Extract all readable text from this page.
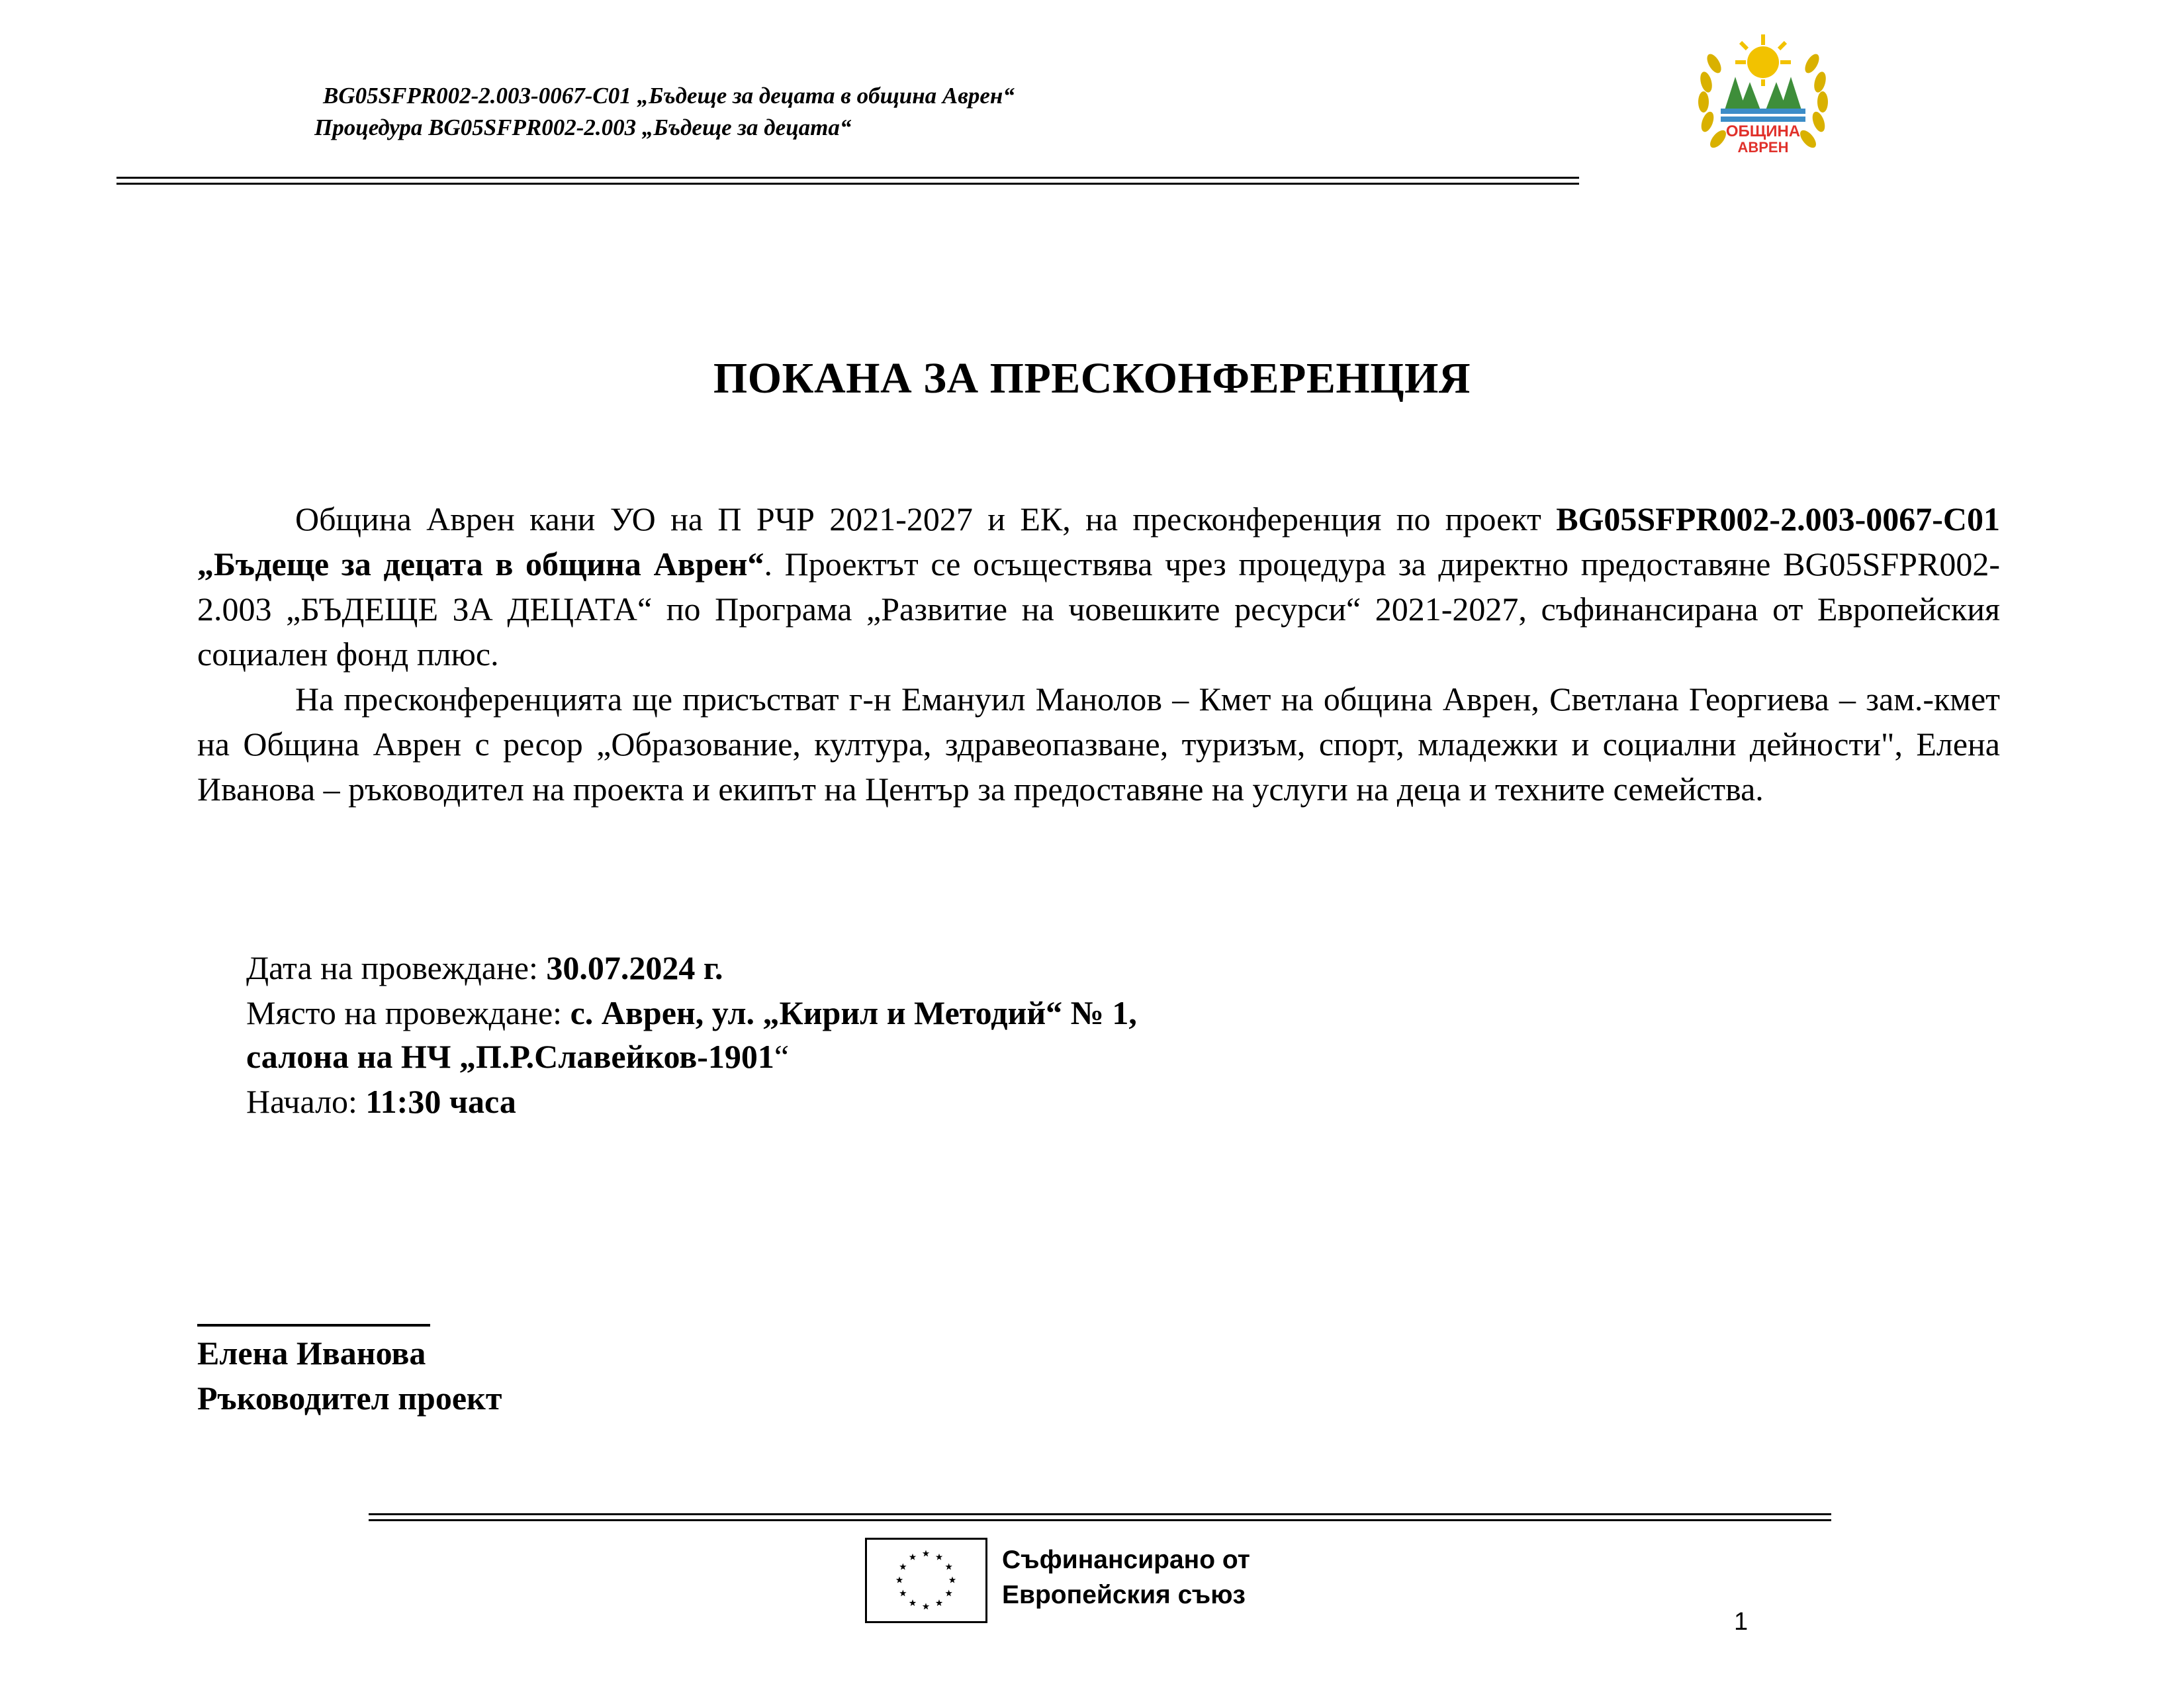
BG05SFPR002-2.003-0067-C01 „Бъдеще за децата в община Аврен“
Процедура BG05SFPR002-2.003 „Бъдеще за децата“	ОБЩИНА
АВРЕН
ПОКАНА ЗА ПРЕСКОНФЕРЕНЦИЯ

Община Аврен кани УО на П РЧР 2021-2027 и ЕК, на пресконференция по проект BG05SFPR002-2.003-0067-C01 „Бъдеще за децата в община Аврен“. Проектът се осъществява чрез процедура за директно предоставяне BG05SFPR002-2.003 „БЪДЕЩЕ ЗА ДЕЦАТА“ по Програма „Развитие на човешките ресурси“ 2021-2027, съфинансирана от Европейския социален фонд плюс.

На пресконференцията ще присъстват г-н Емануил Манолов – Кмет на община Аврен, Светлана Георгиева – зам.-кмет на Община Аврен с ресор „Образование, култура, здравеопазване, туризъм, спорт, младежки и социални дейности", Елена Иванова – ръководител на проекта и екипът на Център за предоставяне на услуги на деца и техните семейства.

Дата на провеждане: 30.07.2024 г.
Място на провеждане: с. Аврен, ул. „Кирил и Методий“ № 1,
салона на НЧ „П.Р.Славейков-1901“
Начало: 11:30 часа
Елена Иванова
Ръководител проект
Съфинансирано от
Европейския съюз
1
